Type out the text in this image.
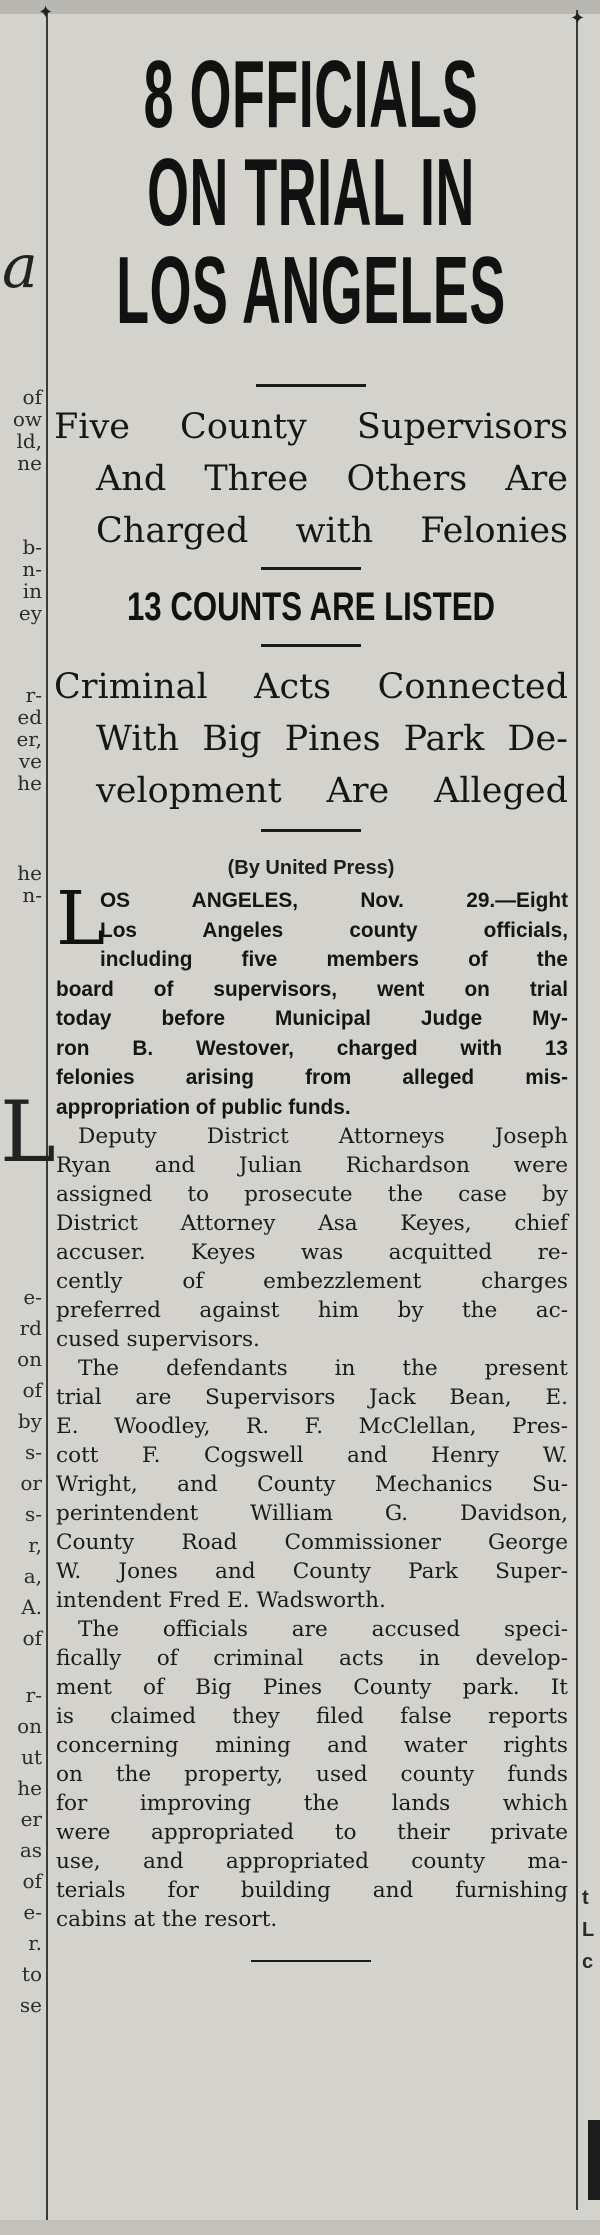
✦	✦
a
of
ow
ld,
ne
b-
n-
in
ey
r-
ed
er,
ve
he
he
n-
L
e-
rd
on
of
by
s-
or
s-
r,
a,
A.
of
r-
on
ut
he
er
as
of
e-
r.
to
se
t
L
c
8 OFFICIALS
ON TRIAL IN
LOS ANGELES
Five County Supervisors
And Three Others Are
Charged with Felonies
13 COUNTS ARE LISTED
Criminal Acts Connected
With Big Pines Park De-
velopment Are Alleged
(By United Press)
L
OS ANGELES, Nov. 29.—Eight
Los Angeles county officials,
including five members of the
board of supervisors, went on trial
today before Municipal Judge My-
ron B. Westover, charged with 13
felonies arising from alleged mis-
appropriation of public funds.
Deputy District Attorneys Joseph
Ryan and Julian Richardson were
assigned to prosecute the case by
District Attorney Asa Keyes, chief
accuser. Keyes was acquitted re-
cently of embezzlement charges
preferred against him by the ac-
cused supervisors.
The defendants in the present
trial are Supervisors Jack Bean, E.
E. Woodley, R. F. McClellan, Pres-
cott F. Cogswell and Henry W.
Wright, and County Mechanics Su-
perintendent William G. Davidson,
County Road Commissioner George
W. Jones and County Park Super-
intendent Fred E. Wadsworth.
The officials are accused speci-
fically of criminal acts in develop-
ment of Big Pines County park. It
is claimed they filed false reports
concerning mining and water rights
on the property, used county funds
for improving the lands which
were appropriated to their private
use, and appropriated county ma-
terials for building and furnishing
cabins at the resort.
